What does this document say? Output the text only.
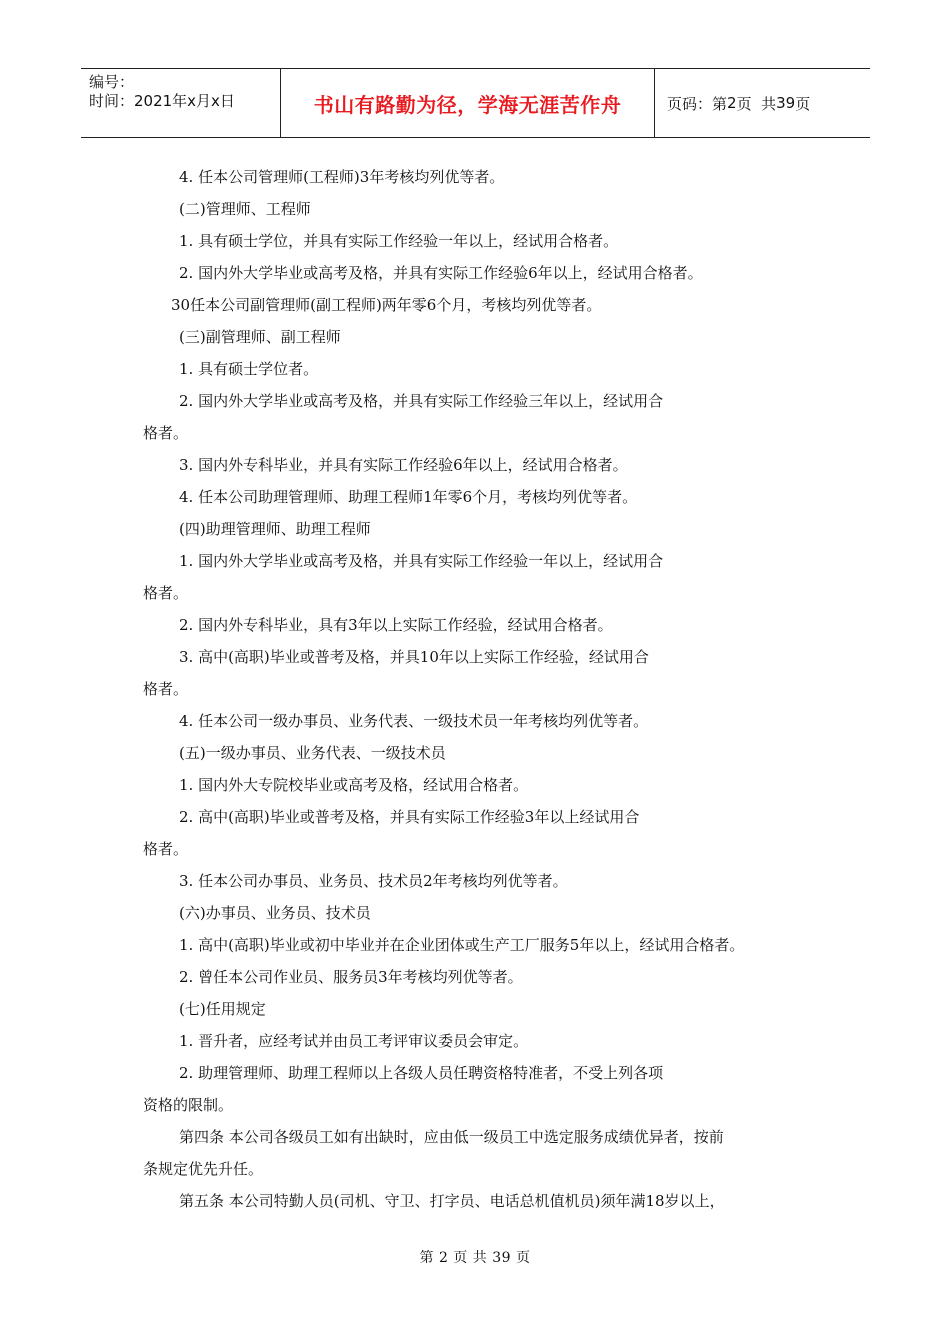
编号：
时间：2021年x月x日	书山有路勤为径，学海无涯苦作舟	页码：第 2 页  共 39 页
4. 任本公司管理师(工程师)3年考核均列优等者。
(二)管理师、工程师
1. 具有硕士学位，并具有实际工作经验一年以上，经试用合格者。
2. 国内外大学毕业或高考及格，并具有实际工作经验6年以上，经试用合格者。
30任本公司副管理师(副工程师)两年零6个月，考核均列优等者。
(三)副管理师、副工程师
1. 具有硕士学位者。
2. 国内外大学毕业或高考及格，并具有实际工作经验三年以上，经试用合
格者。
3. 国内外专科毕业，并具有实际工作经验6年以上，经试用合格者。
4. 任本公司助理管理师、助理工程师1年零6个月，考核均列优等者。
(四)助理管理师、助理工程师
1. 国内外大学毕业或高考及格，并具有实际工作经验一年以上，经试用合
格者。
2. 国内外专科毕业，具有3年以上实际工作经验，经试用合格者。
3. 高中(高职)毕业或普考及格，并具10年以上实际工作经验，经试用合
格者。
4. 任本公司一级办事员、业务代表、一级技术员一年考核均列优等者。
(五)一级办事员、业务代表、一级技术员
1. 国内外大专院校毕业或高考及格，经试用合格者。
2. 高中(高职)毕业或普考及格，并具有实际工作经验3年以上经试用合
格者。
3. 任本公司办事员、业务员、技术员2年考核均列优等者。
(六)办事员、业务员、技术员
1. 高中(高职)毕业或初中毕业并在企业团体或生产工厂服务5年以上，经试用合格者。
2. 曾任本公司作业员、服务员3年考核均列优等者。
(七)任用规定
1. 晋升者，应经考试并由员工考评审议委员会审定。
2. 助理管理师、助理工程师以上各级人员任聘资格特准者，不受上列各项
资格的限制。
第四条 本公司各级员工如有出缺时，应由低一级员工中选定服务成绩优异者，按前
条规定优先升任。
第五条 本公司特勤人员(司机、守卫、打字员、电话总机值机员)须年满18岁以上，
第 2 页 共 39 页
